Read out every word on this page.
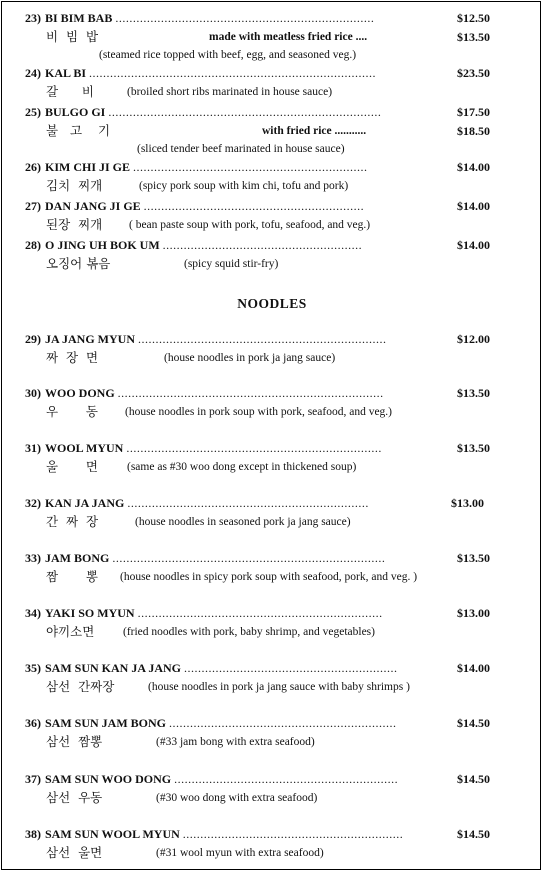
23) BI BIM BAB ..........................................................................	$12.50
비  빔  밥	made with meatless fried rice ....	$13.50
(steamed rice topped with beef, egg, and seasoned veg.)
24) KAL BI ..................................................................................	$23.50
갈      비	(broiled short ribs marinated in house sauce)
25) BULGO GI ..............................................................................	$17.50
불   고    기	with fried rice ...........	$18.50
(sliced tender beef marinated in house sauce)
26) KIM CHI JI GE ...................................................................	$14.00
김치  찌개	(spicy pork soup with kim chi, tofu and pork)
27) DAN JANG JI GE ...............................................................	$14.00
된장  찌개 ( bean paste soup with pork, tofu, seafood, and veg.)
28) O JING UH BOK UM .........................................................	$14.00
오징어 볶음	(spicy squid stir-fry)
NOODLES
29) JA JANG MYUN .......................................................................	$12.00
짜  장  면	(house noodles in pork ja jang sauce)
30) WOO DONG ............................................................................	$13.50
우       동 (house noodles in pork soup with pork, seafood, and veg.)
31) WOOL MYUN .........................................................................	$13.50
울       면	(same as #30 woo dong except in thickened soup)
32) KAN JA JANG .....................................................................	$13.00
간  짜  장	(house noodles in seasoned pork ja jang sauce)
33) JAM BONG ..............................................................................	$13.50
짬       뽕 (house noodles in spicy pork soup with seafood, pork, and veg. )
34) YAKI SO MYUN ......................................................................	$13.00
야끼소면 (fried noodles with pork, baby shrimp, and vegetables)
35) SAM SUN KAN JA JANG .............................................................	$14.00
삼선  간짜장	(house noodles in pork ja jang sauce with baby shrimps )
36) SAM SUN JAM BONG .................................................................	$14.50
삼선  짬뽕	(#33 jam bong with extra seafood)
37) SAM SUN WOO DONG ................................................................	$14.50
삼선  우동	(#30 woo dong with extra seafood)
38) SAM SUN WOOL MYUN ...............................................................	$14.50
삼선  울면	(#31 wool myun with extra seafood)
